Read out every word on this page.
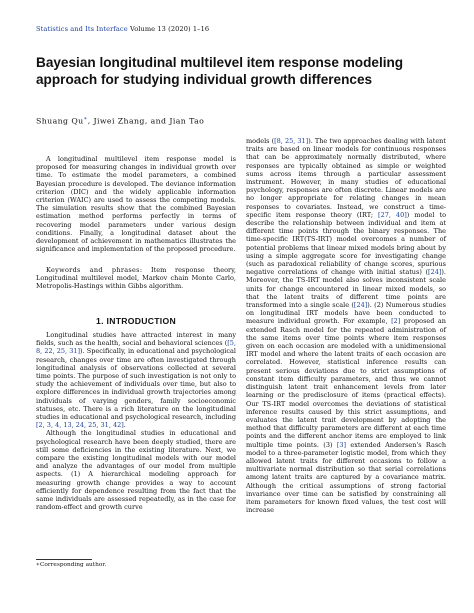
Statistics and Its Interface Volume 13 (2020) 1–16
Bayesian longitudinal multilevel item response modeling approach for studying individual growth differences
Shuang Qu∗, Jiwei Zhang, and Jian Tao

A longitudinal multilevel item response model is proposed for measuring changes in individual growth over time. To estimate the model parameters, a combined Bayesian procedure is developed. The deviance information criterion (DIC) and the widely applicable information criterion (WAIC) are used to assess the competing models. The simulation results show that the combined Bayesian estimation method performs perfectly in terms of recovering model parameters under various design conditions. Finally, a longitudinal dataset about the development of achievement in mathematics illustrates the significance and implementation of the proposed procedure.

Keywords and phrases: Item response theory, Longitudinal multilevel model, Markov chain Monte Carlo, Metropolis-Hastings within Gibbs algorithm.

1. INTRODUCTION

Longitudinal studies have attracted interest in many fields, such as the health, social and behavioral sciences ([5, 8, 22, 25, 31]). Specifically, in educational and psychological research, changes over time are often investigated through longitudinal analysis of observations collected at several time points. The purpose of such investigation is not only to study the achievement of individuals over time, but also to explore differences in individual growth trajectories among individuals of varying genders, family socioeconomic statuses, etc. There is a rich literature on the longitudinal studies in educational and psychological research, including [2, 3, 4, 13, 24, 25, 31, 42].

Although the longitudinal studies in educational and psychological research have been deeply studied, there are still some deficiencies in the existing literature. Next, we compare the existing longitudinal models with our model and analyze the advantages of our model from multiple aspects. (1) A hierarchical modeling approach for measuring growth change provides a way to account efficiently for dependence resulting from the fact that the same individuals are assessed repeatedly, as in the case for random-effect and growth curve

models ([8, 25, 31]). The two approaches dealing with latent traits are based on linear models for continuous responses that can be approximately normally distributed, where responses are typically obtained as simple or weighted sums across items through a particular assessment instrument. However, in many studies of educational psychology, responses are often discrete. Linear models are no longer appropriate for relating changes in mean responses to covariates. Instead, we construct a time-specific item response theory (IRT; [27, 40]) model to describe the relationship between individual and item at different time points through the binary responses. The time-specific IRT(TS-IRT) model overcomes a number of potential problems that linear mixed models bring about by using a simple aggregate score for investigating change (such as paradoxical reliability of change scores, spurious negative correlations of change with initial status) ([24]). Moreover, the TS-IRT model also solves inconsistent scale units for change encountered in linear mixed models, so that the latent traits of different time points are transformed into a single scale ([24]). (2) Numerous studies on longitudinal IRT models have been conducted to measure individual growth. For example, [2] proposed an extended Rasch model for the repeated administration of the same items over time points where item responses given on each occasion are modeled with a unidimensional IRT model and where the latent traits of each occasion are correlated. However, statistical inference results can present serious deviations due to strict assumptions of constant item difficulty parameters, and thus we cannot distinguish latent trait enhancement levels from later learning or the predisclosure of items (practical effects). Our TS-IRT model overcomes the deviations of statistical inference results caused by this strict assumptions, and evaluates the latent trait development by adopting the method that difficulty parameters are different at each time points and the different anchor items are employed to link multiple time points. (3) [3] extended Andersen's Rasch model to a three-parameter logistic model, from which they allowed latent traits for different occasions to follow a multivariate normal distribution so that serial correlations among latent traits are captured by a covariance matrix. Although the critical assumptions of strong factorial invariance over time can be satisfied by constraining all item parameters for known fixed values, the test cost will increase

∗Corresponding author.
